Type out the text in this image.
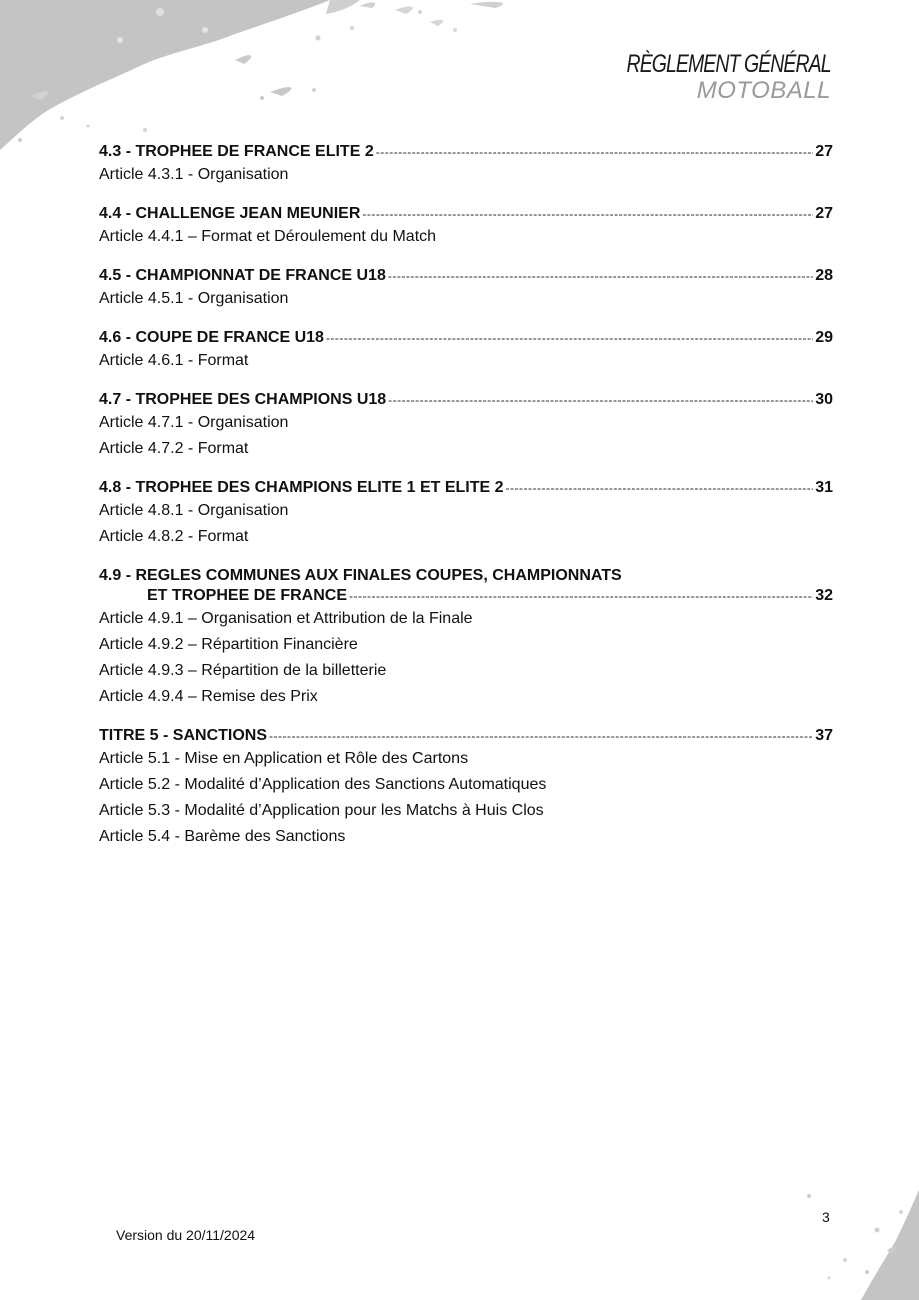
RÈGLEMENT GÉNÉRAL
MOTOBALL
4.3 - TROPHEE DE FRANCE ELITE 2 -----	27
Article 4.3.1 - Organisation
4.4 - CHALLENGE JEAN MEUNIER -----	27
Article 4.4.1 – Format et Déroulement du Match
4.5 - CHAMPIONNAT DE FRANCE U18 -----	28
Article 4.5.1 - Organisation
4.6 - COUPE DE FRANCE U18 -----	29
Article 4.6.1 - Format
4.7 - TROPHEE DES CHAMPIONS U18 -----	30
Article 4.7.1 - Organisation
Article 4.7.2 - Format
4.8 - TROPHEE DES CHAMPIONS ELITE 1 ET ELITE 2 -----	31
Article 4.8.1 - Organisation
Article 4.8.2 - Format
4.9 - REGLES COMMUNES AUX FINALES COUPES, CHAMPIONNATS
ET TROPHEE DE FRANCE -----	32
Article 4.9.1 – Organisation et Attribution de la Finale
Article 4.9.2 – Répartition Financière
Article 4.9.3 – Répartition de la billetterie
Article 4.9.4 – Remise des Prix
TITRE 5 - SANCTIONS -----	37
Article 5.1 - Mise en Application et Rôle des Cartons
Article 5.2 - Modalité d’Application des Sanctions Automatiques
Article 5.3 - Modalité d’Application pour les Matchs à Huis Clos
Article 5.4 - Barème des Sanctions
Version du 20/11/2024
3
